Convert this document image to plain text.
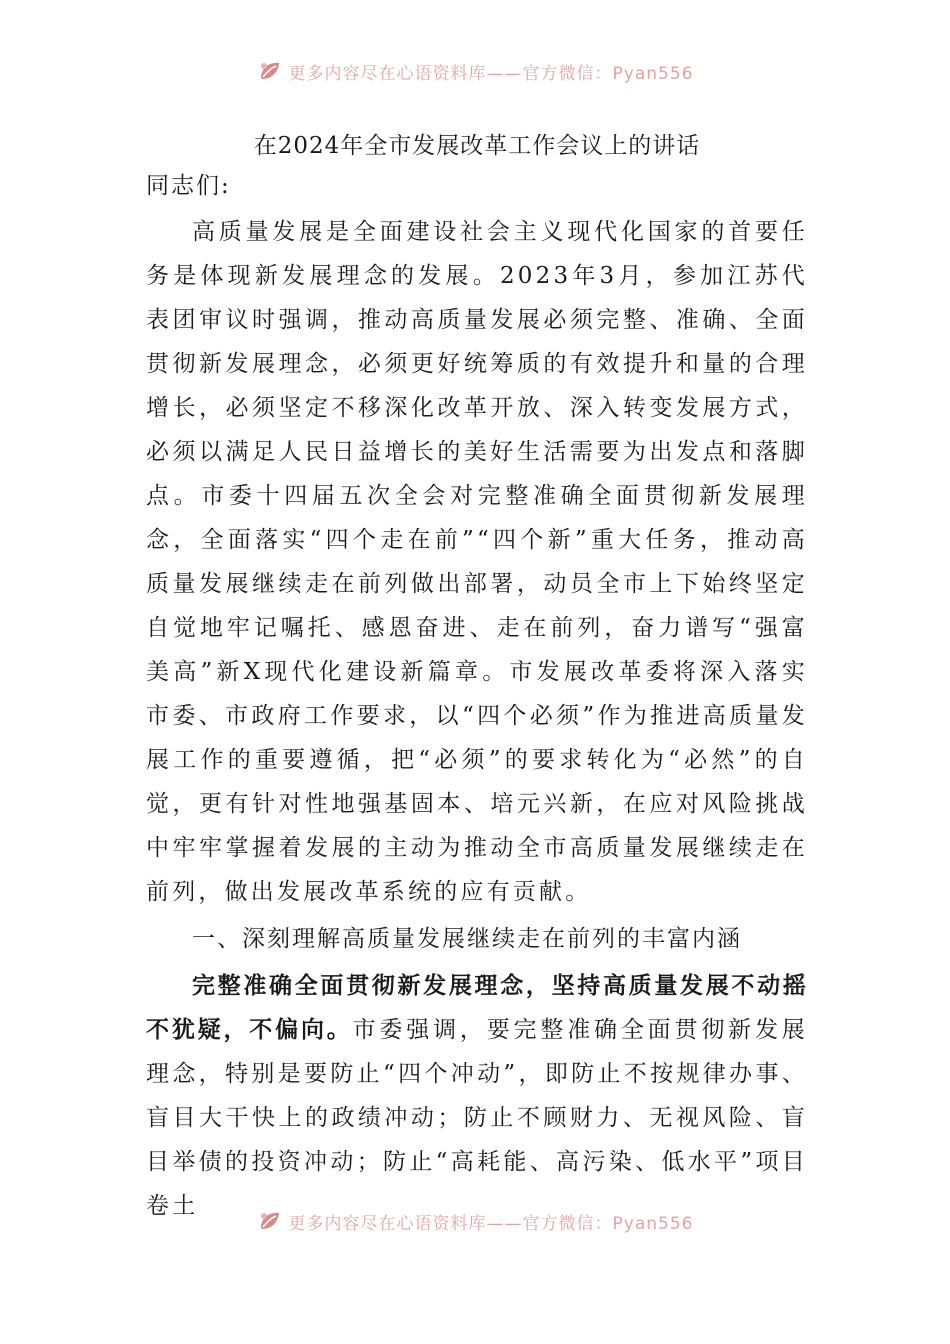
更多内容尽在心语资料库——官方微信：Pyan556

在2024年全市发展改革工作会议上的讲话

同志们:

高质量发展是全面建设社会主义现代化国家的首要任务是体现新发展理念的发展。2023年3月，参加江苏代表团审议时强调，推动高质量发展必须完整、准确、全面贯彻新发展理念，必须更好统筹质的有效提升和量的合理增长，必须坚定不移深化改革开放、深入转变发展方式，必须以满足人民日益增长的美好生活需要为出发点和落脚点。市委十四届五次全会对完整准确全面贯彻新发展理念，全面落实“四个走在前”“四个新”重大任务，推动高质量发展继续走在前列做出部署，动员全市上下始终坚定自觉地牢记嘱托、感恩奋进、走在前列，奋力谱写“强富美高”新X现代化建设新篇章。市发展改革委将深入落实市委、市政府工作要求，以“四个必须”作为推进高质量发展工作的重要遵循，把“必须”的要求转化为“必然”的自觉，更有针对性地强基固本、培元兴新，在应对风险挑战中牢牢掌握着发展的主动为推动全市高质量发展继续走在前列，做出发展改革系统的应有贡献。

一、深刻理解高质量发展继续走在前列的丰富内涵

完整准确全面贯彻新发展理念，坚持高质量发展不动摇不犹疑，不偏向。市委强调，要完整准确全面贯彻新发展理念，特别是要防止“四个冲动”，即防止不按规律办事、盲目大干快上的政绩冲动；防止不顾财力、无视风险、盲目举债的投资冲动；防止“高耗能、高污染、低水平”项目卷土

更多内容尽在心语资料库——官方微信：Pyan556
